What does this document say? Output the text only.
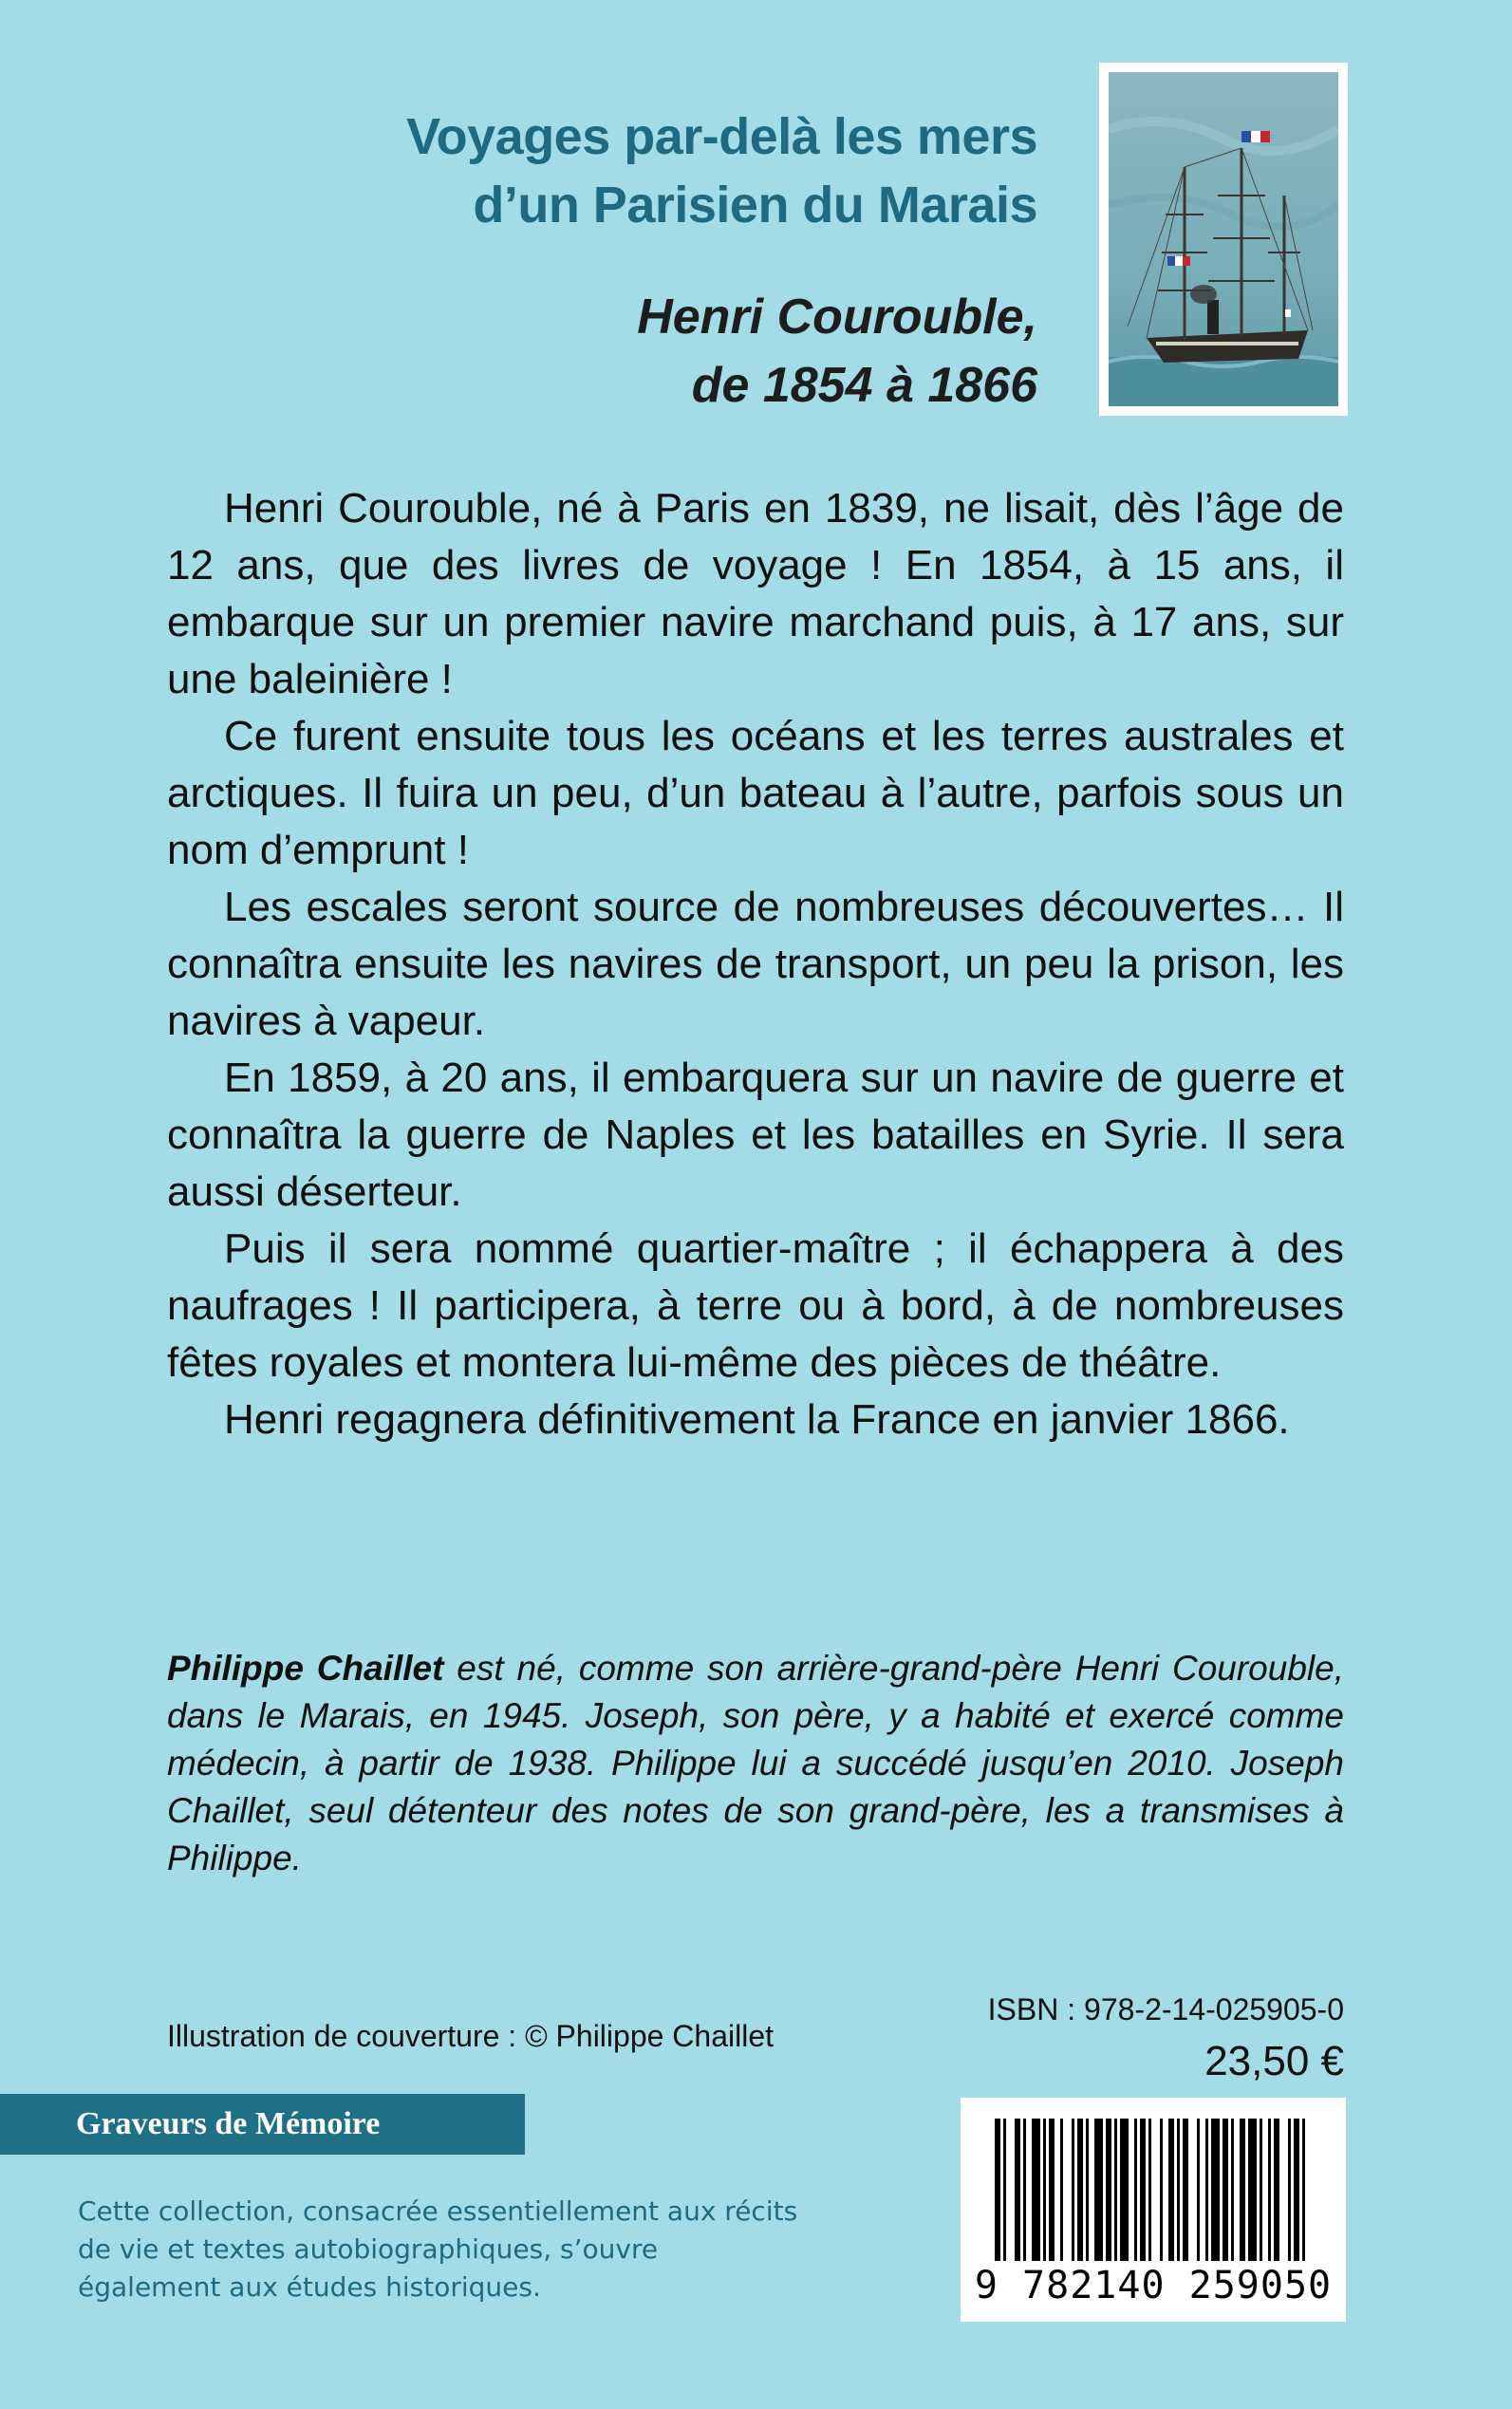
Voyages par-delà les mers
d’un Parisien du Marais
Henri Courouble,
de 1854 à 1866

Henri Courouble, né à Paris en 1839, ne lisait, dès l’âge de 12 ans, que des livres de voyage ! En 1854, à 15 ans, il embarque sur un premier navire marchand puis, à 17 ans, sur une baleinière !

Ce furent ensuite tous les océans et les terres australes et arctiques. Il fuira un peu, d’un bateau à l’autre, parfois sous un nom d’emprunt !

Les escales seront source de nombreuses découvertes… Il connaîtra ensuite les navires de transport, un peu la prison, les navires à vapeur.

En 1859, à 20 ans, il embarquera sur un navire de guerre et connaîtra la guerre de Naples et les batailles en Syrie. Il sera aussi déserteur.

Puis il sera nommé quartier-maître ; il échappera à des naufrages ! Il participera, à terre ou à bord, à de nombreuses fêtes royales et montera lui-même des pièces de théâtre.

Henri regagnera définitivement la France en janvier 1866.

Philippe Chaillet est né, comme son arrière-grand-père Henri Courouble, dans le Marais, en 1945. Joseph, son père, y a habité et exercé comme médecin, à partir de 1938. Philippe lui a succédé jusqu’en 2010. Joseph Chaillet, seul détenteur des notes de son grand-père, les a transmises à Philippe.

Illustration de couverture : © Philippe Chaillet
ISBN : 978-2-14-025905-0
23,50 €
Graveurs de Mémoire
Cette collection, consacrée essentiellement aux récits de vie et textes autobiographiques, s’ouvre également aux études historiques.	9 782140 259050
